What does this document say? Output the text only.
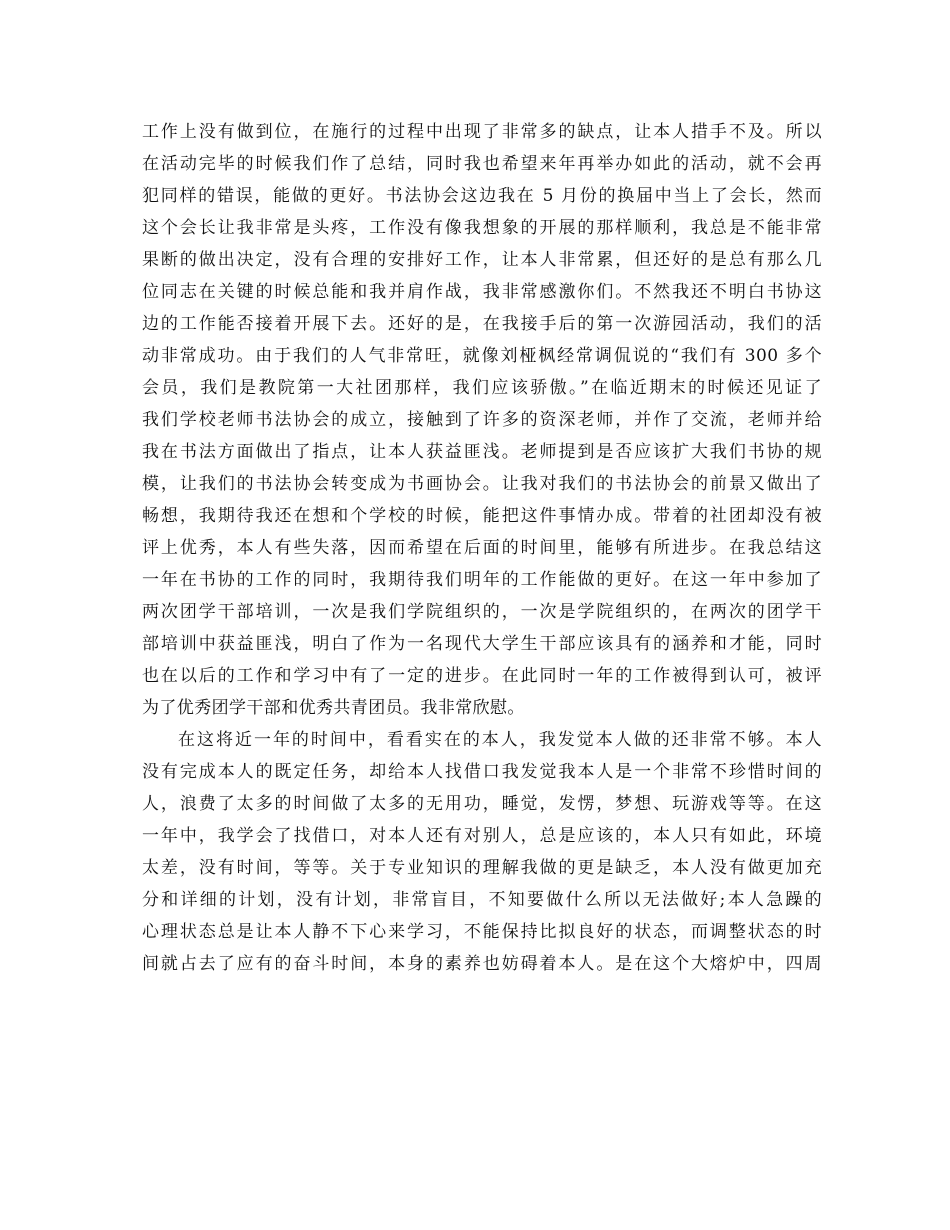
工作上没有做到位，在施行的过程中出现了非常多的缺点，让本人措手不及。所以
在活动完毕的时候我们作了总结，同时我也希望来年再举办如此的活动，就不会再
犯同样的错误，能做的更好。书法协会这边我在 5 月份的换届中当上了会长，然而
这个会长让我非常是头疼，工作没有像我想象的开展的那样顺利，我总是不能非常
果断的做出决定，没有合理的安排好工作，让本人非常累，但还好的是总有那么几
位同志在关键的时候总能和我并肩作战，我非常感激你们。不然我还不明白书协这
边的工作能否接着开展下去。还好的是，在我接手后的第一次游园活动，我们的活
动非常成功。由于我们的人气非常旺，就像刘桠枫经常调侃说的“我们有 300 多个
会员，我们是教院第一大社团那样，我们应该骄傲。”在临近期末的时候还见证了
我们学校老师书法协会的成立，接触到了许多的资深老师，并作了交流，老师并给
我在书法方面做出了指点，让本人获益匪浅。老师提到是否应该扩大我们书协的规
模，让我们的书法协会转变成为书画协会。让我对我们的书法协会的前景又做出了
畅想，我期待我还在想和个学校的时候，能把这件事情办成。带着的社团却没有被
评上优秀，本人有些失落，因而希望在后面的时间里，能够有所进步。在我总结这
一年在书协的工作的同时，我期待我们明年的工作能做的更好。在这一年中参加了
两次团学干部培训，一次是我们学院组织的，一次是学院组织的，在两次的团学干
部培训中获益匪浅，明白了作为一名现代大学生干部应该具有的涵养和才能，同时
也在以后的工作和学习中有了一定的进步。在此同时一年的工作被得到认可，被评
为了优秀团学干部和优秀共青团员。我非常欣慰。
在这将近一年的时间中，看看实在的本人，我发觉本人做的还非常不够。本人
没有完成本人的既定任务，却给本人找借口我发觉我本人是一个非常不珍惜时间的
人，浪费了太多的时间做了太多的无用功，睡觉，发愣，梦想、玩游戏等等。在这
一年中，我学会了找借口，对本人还有对别人，总是应该的，本人只有如此，环境
太差，没有时间，等等。关于专业知识的理解我做的更是缺乏，本人没有做更加充
分和详细的计划，没有计划，非常盲目，不知要做什么所以无法做好;本人急躁的
心理状态总是让本人静不下心来学习，不能保持比拟良好的状态，而调整状态的时
间就占去了应有的奋斗时间，本身的素养也妨碍着本人。是在这个大熔炉中，四周
